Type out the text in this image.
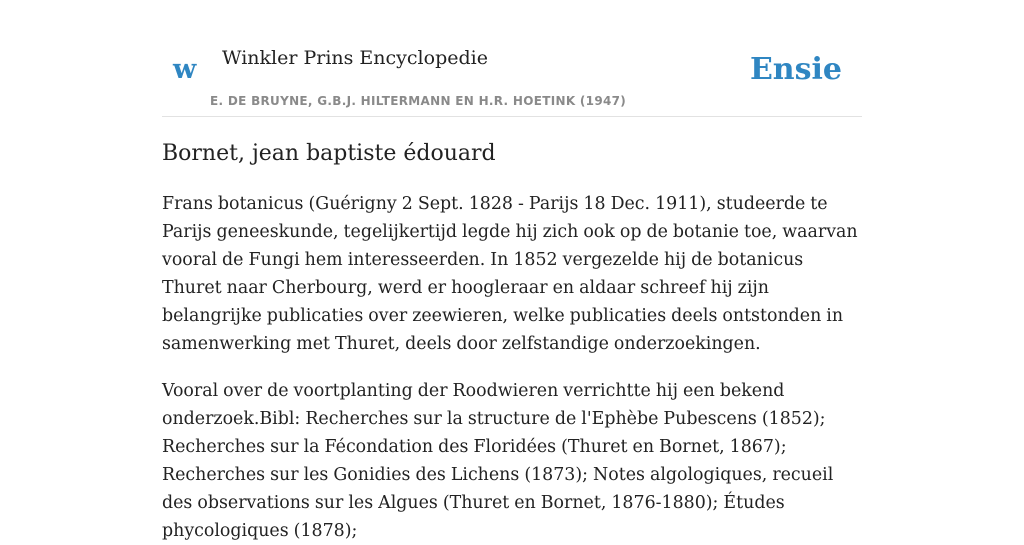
w Winkler Prins Encyclopedie
E. DE BRUYNE, G.B.J. HILTERMANN EN H.R. HOETINK (1947)
Ensie
Bornet, jean baptiste édouard

Frans botanicus (Guérigny 2 Sept. 1828 - Parijs 18 Dec. 1911), studeerde te Parijs geneeskunde, tegelijkertijd legde hij zich ook op de botanie toe, waarvan vooral de Fungi hem interesseerden. In 1852 vergezelde hij de botanicus Thuret naar Cherbourg, werd er hoogleraar en aldaar schreef hij zijn belangrijke publicaties over zeewieren, welke publicaties deels ontstonden in samenwerking met Thuret, deels door zelfstandige onderzoekingen.

Vooral over de voortplanting der Roodwieren verrichtte hij een bekend onderzoek.Bibl: Recherches sur la structure de l'Ephèbe Pubescens (1852); Recherches sur la Fécondation des Floridées (Thuret en Bornet, 1867); Recherches sur les Gonidies des Lichens (1873); Notes algologiques, recueil des observations sur les Algues (Thuret en Bornet, 1876-1880); Études phycologiques (1878);
